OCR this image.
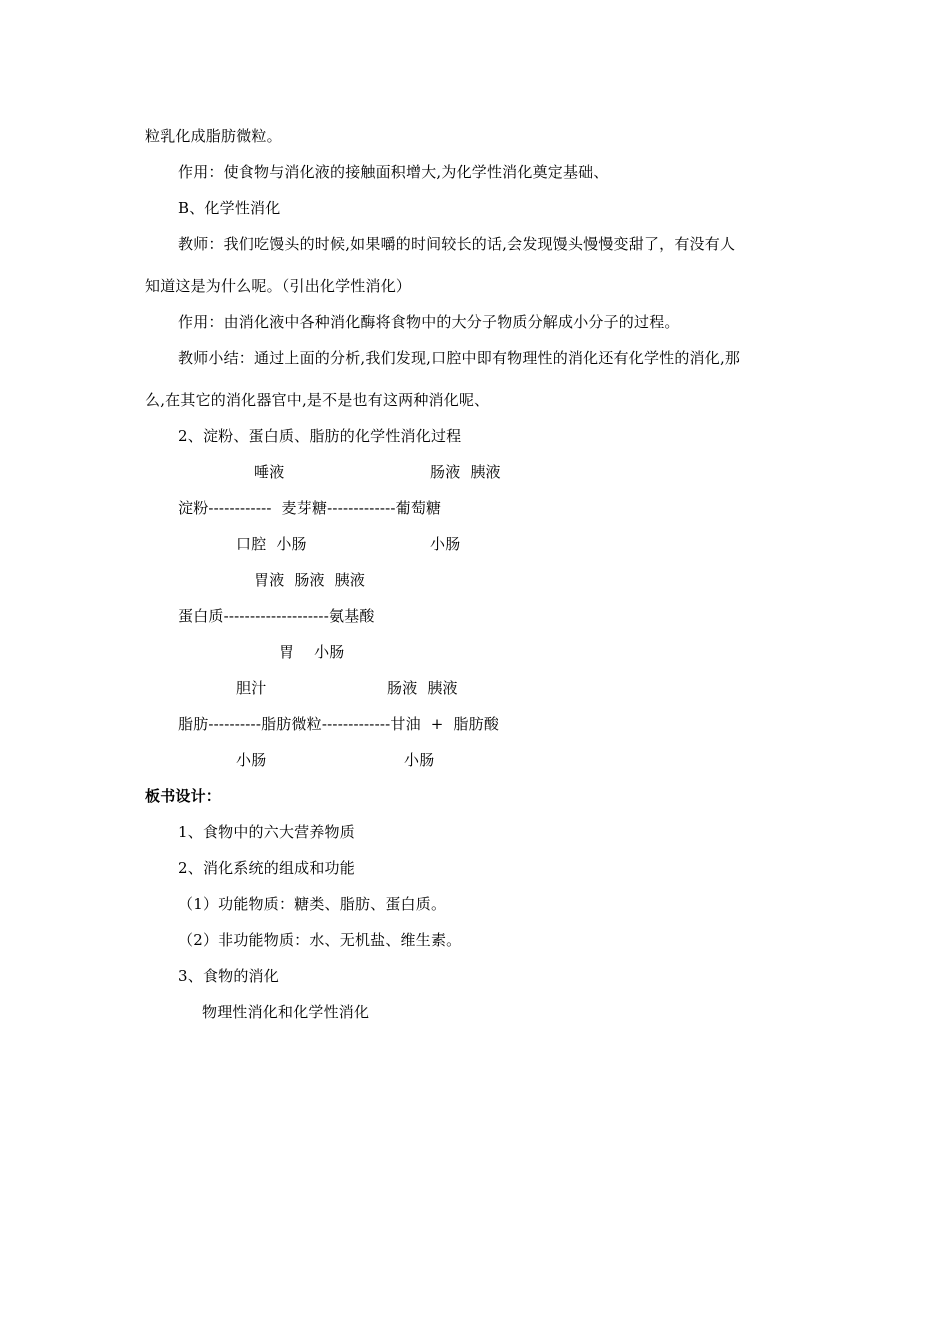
粒乳化成脂肪微粒。
作用：使食物与消化液的接触面积增大,为化学性消化奠定基础、
B、化学性消化
教师：我们吃馒头的时候,如果嚼的时间较长的话,会发现馒头慢慢变甜了，有没有人
知道这是为什么呢。（引出化学性消化）
作用：由消化液中各种消化酶将食物中的大分子物质分解成小分子的过程。
教师小结：通过上面的分析,我们发现,口腔中即有物理性的消化还有化学性的消化,那
么,在其它的消化器官中,是不是也有这两种消化呢、
2、淀粉、蛋白质、脂肪的化学性消化过程
唾液	肠液  胰液
淀粉------------  麦芽糖-------------葡萄糖
口腔  小肠	小肠
胃液  肠液  胰液
蛋白质--------------------氨基酸
胃    小肠
胆汁	肠液  胰液
脂肪----------脂肪微粒-------------甘油  +  脂肪酸
小肠	小肠
板书设计：
1、食物中的六大营养物质
2、消化系统的组成和功能
（1）功能物质：糖类、脂肪、蛋白质。
（2）非功能物质：水、无机盐、维生素。
3、食物的消化
物理性消化和化学性消化
